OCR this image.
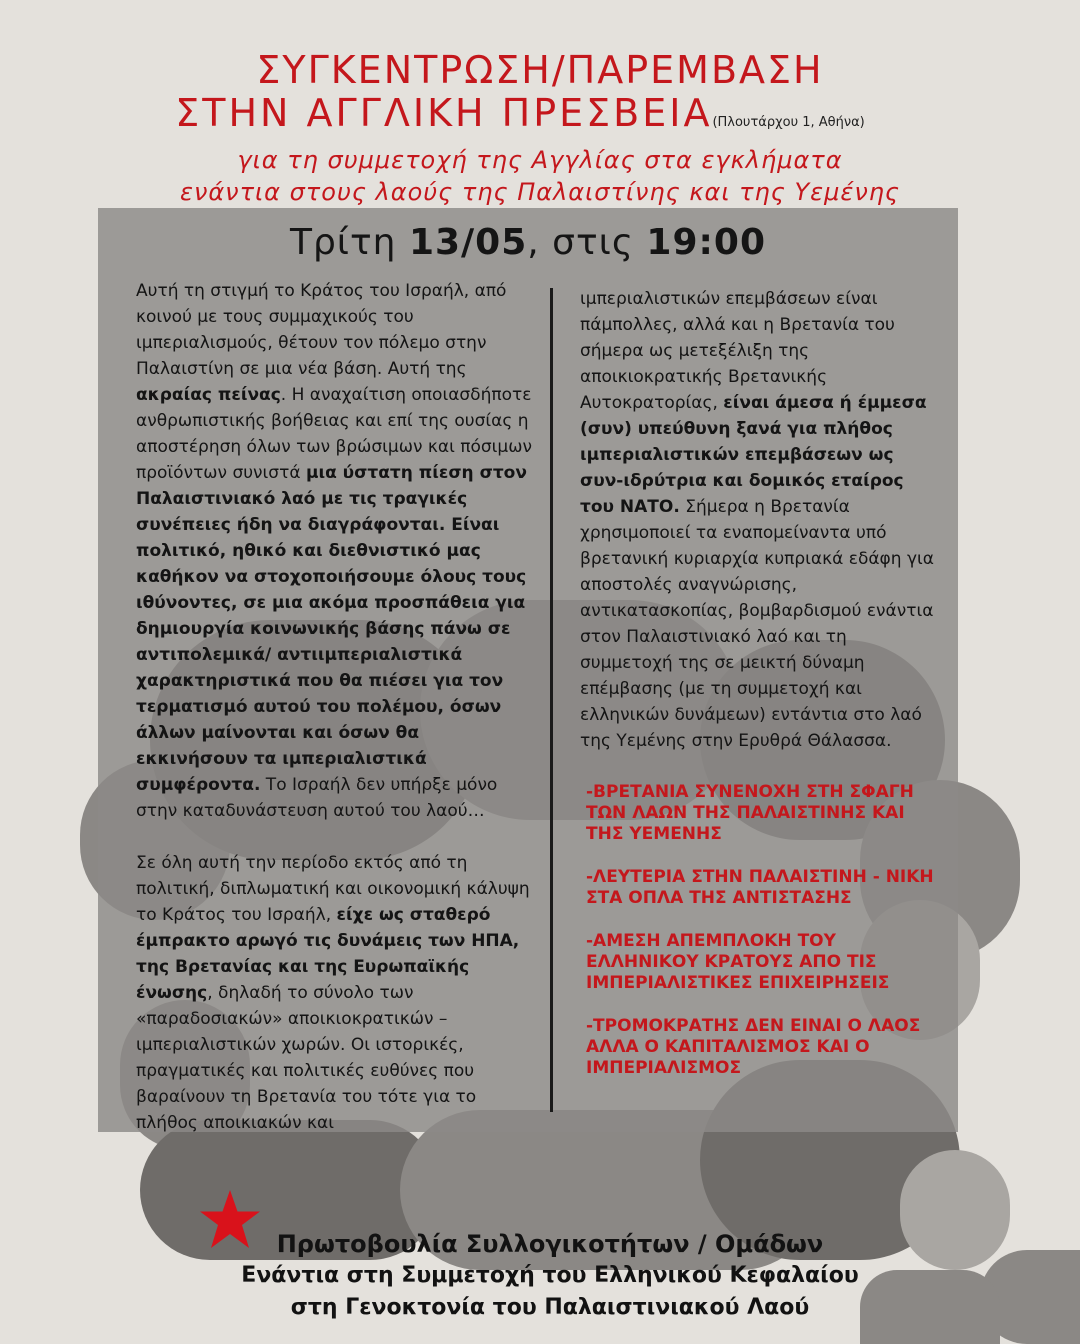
ΣΥΓΚΕΝΤΡΩΣΗ/ΠΑΡΕΜΒΑΣΗ
ΣΤΗΝ ΑΓΓΛΙΚΗ ΠΡΕΣΒΕΙΑ(Πλουτάρχου 1, Αθήνα)
για τη συμμετοχή της Αγγλίας στα εγκλήματα
ενάντια στους λαούς της Παλαιστίνης και της Υεμένης
Τρίτη 13/05, στις 19:00

Αυτή τη στιγμή το Κράτος του Ισραήλ, από κοινού με τους συμμαχικούς του ιμπεριαλισμούς, θέτουν τον πόλεμο στην Παλαιστίνη σε μια νέα βάση. Αυτή της ακραίας πείνας. Η αναχαίτιση οποιασδήποτε ανθρωπιστικής βοήθειας και επί της ουσίας η αποστέρηση όλων των βρώσιμων και πόσιμων προϊόντων συνιστά μια ύστατη πίεση στον Παλαιστινιακό λαό με τις τραγικές συνέπειες ήδη να διαγράφονται. Είναι πολιτικό, ηθικό και διεθνιστικό μας καθήκον να στοχοποιήσουμε όλους τους ιθύνοντες, σε μια ακόμα προσπάθεια για δημιουργία κοινωνικής βάσης πάνω σε αντιπολεμικά/ αντιιμπεριαλιστικά χαρακτηριστικά που θα πιέσει για τον τερματισμό αυτού του πολέμου, όσων άλλων μαίνονται και όσων θα εκκινήσουν τα ιμπεριαλιστικά συμφέροντα. Το Ισραήλ δεν υπήρξε μόνο στην καταδυνάστευση αυτού του λαού…

Σε όλη αυτή την περίοδο εκτός από τη πολιτική, διπλωματική και οικονομική κάλυψη το Κράτος του Ισραήλ, είχε ως σταθερό έμπρακτο αρωγό τις δυνάμεις των ΗΠΑ, της Βρετανίας και της Ευρωπαϊκής ένωσης, δηλαδή το σύνολο των «παραδοσιακών» αποικιοκρατικών – ιμπεριαλιστικών χωρών. Οι ιστορικές, πραγματικές και πολιτικές ευθύνες που βαραίνουν τη Βρετανία του τότε για το πλήθος αποικιακών και

ιμπεριαλιστικών επεμβάσεων είναι πάμπολλες, αλλά και η Βρετανία του σήμερα ως μετεξέλιξη της αποικιοκρατικής Βρετανικής Αυτοκρατορίας, είναι άμεσα ή έμμεσα (συν) υπεύθυνη ξανά για πλήθος ιμπεριαλιστικών επεμβάσεων ως συν-ιδρύτρια και δομικός εταίρος του ΝΑΤΟ. Σήμερα η Βρετανία χρησιμοποιεί τα εναπομείναντα υπό βρετανική κυριαρχία κυπριακά εδάφη για αποστολές αναγνώρισης, αντικατασκοπίας, βομβαρδισμού ενάντια στον Παλαιστινιακό λαό και τη συμμετοχή της σε μεικτή δύναμη επέμβασης (με τη συμμετοχή και ελληνικών δυνάμεων) εντάντια στο λαό της Υεμένης στην Ερυθρά Θάλασσα.

-ΒΡΕΤΑΝΙΑ ΣΥΝΕΝΟΧΗ ΣΤΗ ΣΦΑΓΗ ΤΩΝ ΛΑΩΝ ΤΗΣ ΠΑΛΑΙΣΤΙΝΗΣ ΚΑΙ ΤΗΣ ΥΕΜΕΝΗΣ
-ΛΕΥΤΕΡΙΑ ΣΤΗΝ ΠΑΛΑΙΣΤΙΝΗ - ΝΙΚΗ ΣΤΑ ΟΠΛΑ ΤΗΣ ΑΝΤΙΣΤΑΣΗΣ
-ΑΜΕΣΗ ΑΠΕΜΠΛΟΚΗ ΤΟΥ ΕΛΛΗΝΙΚΟΥ ΚΡΑΤΟΥΣ ΑΠΟ ΤΙΣ ΙΜΠΕΡΙΑΛΙΣΤΙΚΕΣ ΕΠΙΧΕΙΡΗΣΕΙΣ
-ΤΡΟΜΟΚΡΑΤΗΣ ΔΕΝ ΕΙΝΑΙ Ο ΛΑΟΣ ΑΛΛΑ Ο ΚΑΠΙΤΑΛΙΣΜΟΣ ΚΑΙ Ο ΙΜΠΕΡΙΑΛΙΣΜΟΣ
Πρωτοβουλία Συλλογικοτήτων / Ομάδων
Ενάντια στη Συμμετοχή του Ελληνικού Κεφαλαίου
στη Γενοκτονία του Παλαιστινιακού Λαού
